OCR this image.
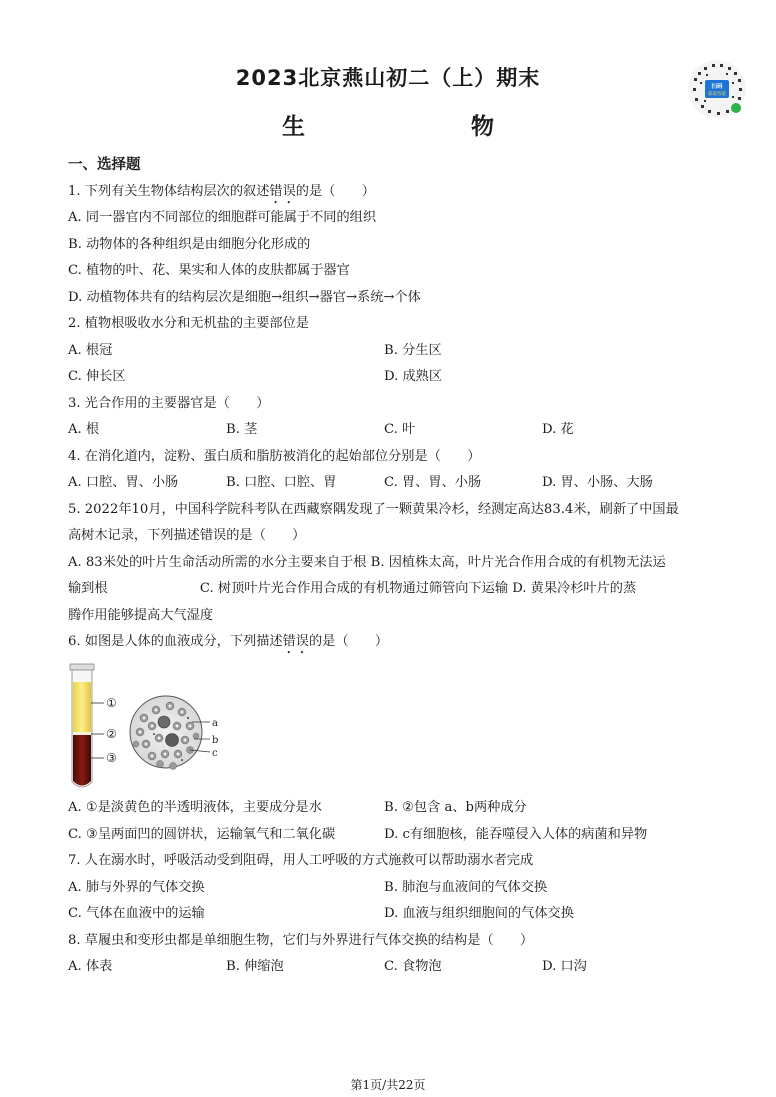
2023北京燕山初二（上）期末
生　　物
扫码
获取答案
一、选择题
1. 下列有关生物体结构层次的叙述错误的是（　　）
A. 同一器官内不同部位的细胞群可能属于不同的组织
B. 动物体的各种组织是由细胞分化形成的
C. 植物的叶、花、果实和人体的皮肤都属于器官
D. 动植物体共有的结构层次是细胞→组织→器官→系统→个体
2. 植物根吸收水分和无机盐的主要部位是
A. 根冠	B. 分生区
C. 伸长区	D. 成熟区
3. 光合作用的主要器官是（　　）
A. 根	B. 茎	C. 叶	D. 花
4. 在消化道内，淀粉、蛋白质和脂肪被消化的起始部位分别是（　　）
A. 口腔、胃、小肠	B. 口腔、口腔、胃	C. 胃、胃、小肠	D. 胃、小肠、大肠
5. 2022年10月，中国科学院科考队在西藏察隅发现了一颗黄果冷杉，经测定高达83.4米，刷新了中国最
高树木记录，下列描述错误的是（　　）
A. 83米处的叶片生命活动所需的水分主要来自于根 B. 因植株太高，叶片光合作用合成的有机物无法运
输到根　　　　　　　C. 树顶叶片光合作用合成的有机物通过筛管向下运输 D. 黄果冷杉叶片的蒸
腾作用能够提高大气湿度
6. 如图是人体的血液成分，下列描述错误的是（　　）
①
②
③
a
b
c
A. ①是淡黄色的半透明液体，主要成分是水	B. ②包含 a、b两种成分
C. ③呈两面凹的圆饼状，运输氧气和二氧化碳	D. c有细胞核，能吞噬侵入人体的病菌和异物
7. 人在溺水时，呼吸活动受到阻碍，用人工呼吸的方式施救可以帮助溺水者完成
A. 肺与外界的气体交换	B. 肺泡与血液间的气体交换
C. 气体在血液中的运输	D. 血液与组织细胞间的气体交换
8. 草履虫和变形虫都是单细胞生物，它们与外界进行气体交换的结构是（　　）
A. 体表	B. 伸缩泡	C. 食物泡	D. 口沟
第1页/共22页
